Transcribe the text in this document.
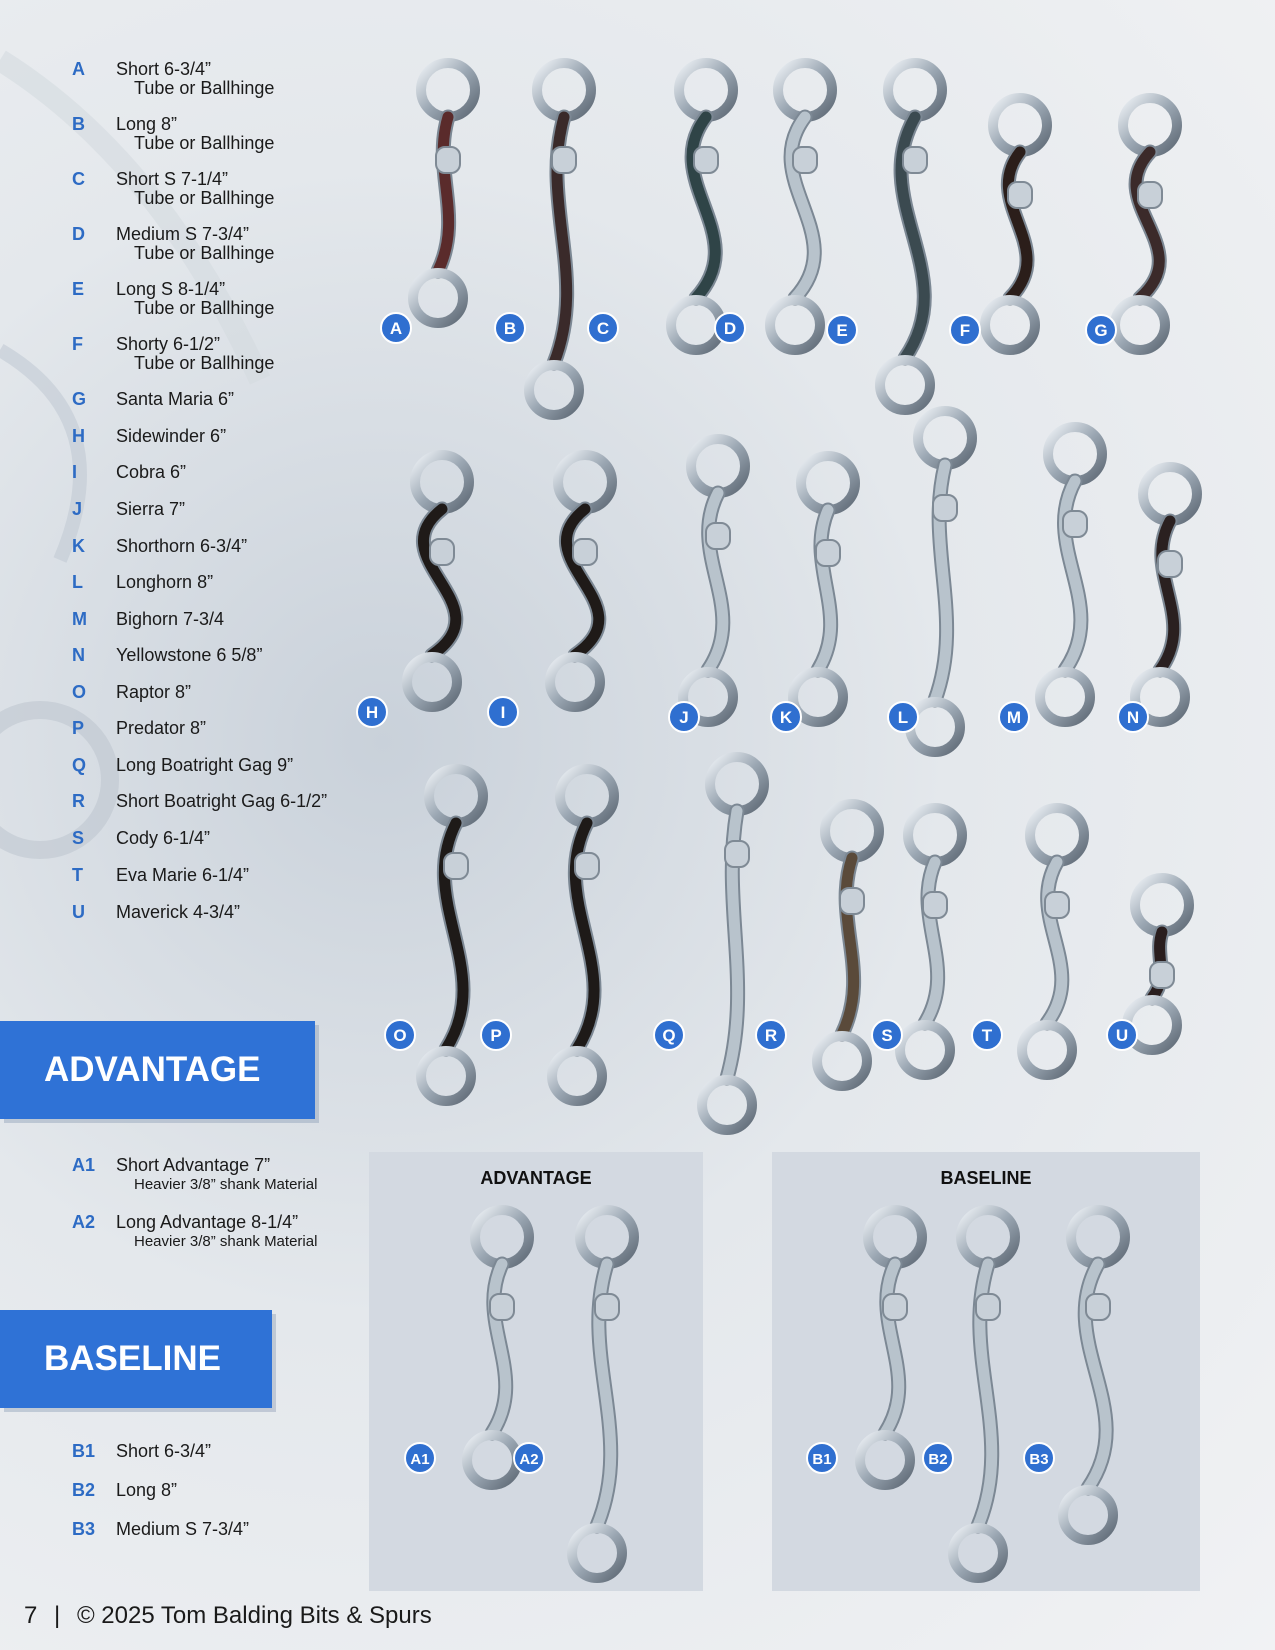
A Short 6-3/4”
Tube or Ballhinge
B Long 8”
Tube or Ballhinge
C Short S 7-1/4”
Tube or Ballhinge
D Medium S 7-3/4”
Tube or Ballhinge
E Long S 8-1/4”
Tube or Ballhinge
F Shorty 6-1/2”
Tube or Ballhinge
G Santa Maria 6”
H Sidewinder 6”
I Cobra 6”
J Sierra 7”
K Shorthorn 6-3/4”
L Longhorn 8”
M Bighorn 7-3/4
N Yellowstone 6 5/8”
O Raptor 8”
P Predator 8”
Q Long Boatright Gag 9”
R Short Boatright Gag 6-1/2”
S Cody 6-1/4”
T Eva Marie 6-1/4”
U Maverick 4-3/4”
ADVANTAGE
A1 Short Advantage 7”
Heavier 3/8” shank Material
A2 Long Advantage 8-1/4”
Heavier 3/8” shank Material
BASELINE
B1 Short 6-3/4”
B2 Long 8”
B3 Medium S 7-3/4”
ADVANTAGE	BASELINE
A	B	C	D	E	F	G
H	I	J	K	L	M	N
O	P	Q	R	S	T	U
A1	A2	B1	B2	B3
7 | © 2025 Tom Balding Bits & Spurs
